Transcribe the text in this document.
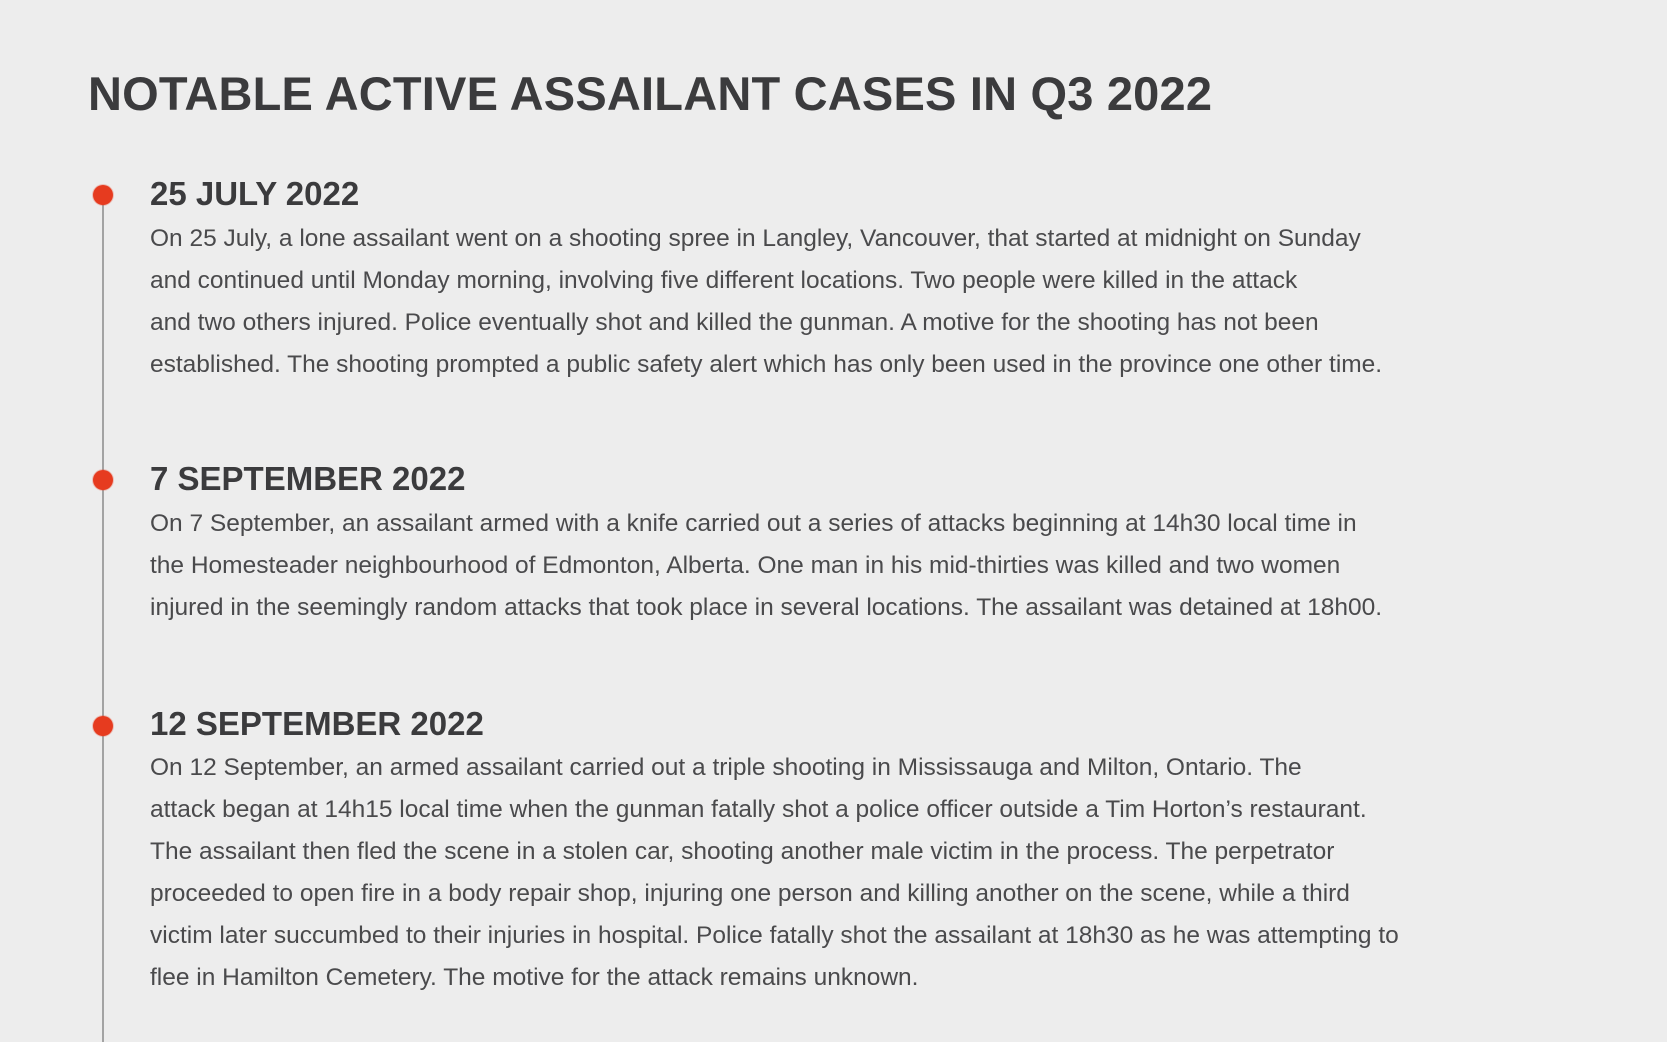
NOTABLE ACTIVE ASSAILANT CASES IN Q3 2022
25 JULY 2022

On 25 July, a lone assailant went on a shooting spree in Langley, Vancouver, that started at midnight on Sunday
and continued until Monday morning, involving five different locations. Two people were killed in the attack
and two others injured. Police eventually shot and killed the gunman. A motive for the shooting has not been
established. The shooting prompted a public safety alert which has only been used in the province one other time.

7 SEPTEMBER 2022

On 7 September, an assailant armed with a knife carried out a series of attacks beginning at 14h30 local time in
the Homesteader neighbourhood of Edmonton, Alberta. One man in his mid-thirties was killed and two women
injured in the seemingly random attacks that took place in several locations. The assailant was detained at 18h00.

12 SEPTEMBER 2022

On 12 September, an armed assailant carried out a triple shooting in Mississauga and Milton, Ontario. The
attack began at 14h15 local time when the gunman fatally shot a police officer outside a Tim Horton’s restaurant.
The assailant then fled the scene in a stolen car, shooting another male victim in the process. The perpetrator
proceeded to open fire in a body repair shop, injuring one person and killing another on the scene, while a third
victim later succumbed to their injuries in hospital. Police fatally shot the assailant at 18h30 as he was attempting to
flee in Hamilton Cemetery. The motive for the attack remains unknown.
